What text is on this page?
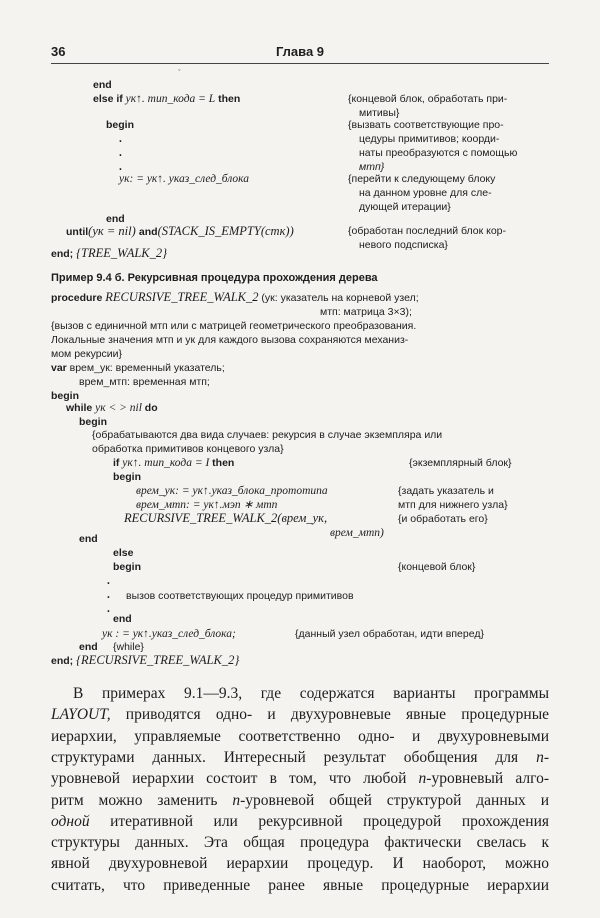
36	Глава 9
ˇ
end
else if ук↑. тип_кода = L then	{концевой блок, обработать при-
митивы}
begin	{вызвать соответствующие про-
цедуры примитивов; коорди-
наты преобразуются с помощью
мтп}
.
.
.
ук: = ук↑. указ_след_блока	{перейти к следующему блоку
на данном уровне для сле-
дующей итерации}
end
until(ук = nil) and(STACK_IS_EMPTY(стк))	{обработан последний блок кор-
невого подсписка}
end; {TREE_WALK_2}
Пример 9.4 б. Рекурсивная процедура прохождения дерева
procedure RECURSIVE_TREE_WALK_2 (ук: указатель на корневой узел;
мтп: матрица 3×3);
{вызов с единичной мтп или с матрицей геометрического преобразования.
Локальные значения мтп и ук для каждого вызова сохраняются механиз-
мом рекурсии}
var врем_ук: временный указатель;
врем_мтп: временная мтп;
begin
while ук < > nil do
begin
{обрабатываются два вида случаев: рекурсия в случае экземпляра или
обработка примитивов концевого узла}
if ук↑. тип_кода = I then	{экземплярный блок}
begin
врем_ук: = ук↑.указ_блока_прототипа	{задать указатель и
врем_мтп: = ук↑.мэп ∗ мтп	мтп для нижнего узла}
RECURSIVE_TREE_WALK_2(врем_ук,	{и обработать его}
врем_мтп)
end
else
begin	{концевой блок}
.
вызов соответствующих процедур примитивов
.
.
end
ук : = ук↑.указ_след_блока;	{данный узел обработан, идти вперед}
end {while}
end; {RECURSIVE_TREE_WALK_2}
В примерах 9.1—9.3, где содержатся варианты программы
LAYOUT, приводятся одно- и двухуровневые явные процедурные
иерархии, управляемые соответственно одно- и двухуровневыми
структурами данных. Интересный результат обобщения для n-
уровневой иерархии состоит в том, что любой n-уровневый алго-
ритм можно заменить n-уровневой общей структурой данных и
одной итеративной или рекурсивной процедурой прохождения
структуры данных. Эта общая процедура фактически свелась к
явной двухуровневой иерархии процедур. И наоборот, можно
считать, что приведенные ранее явные процедурные иерархии
